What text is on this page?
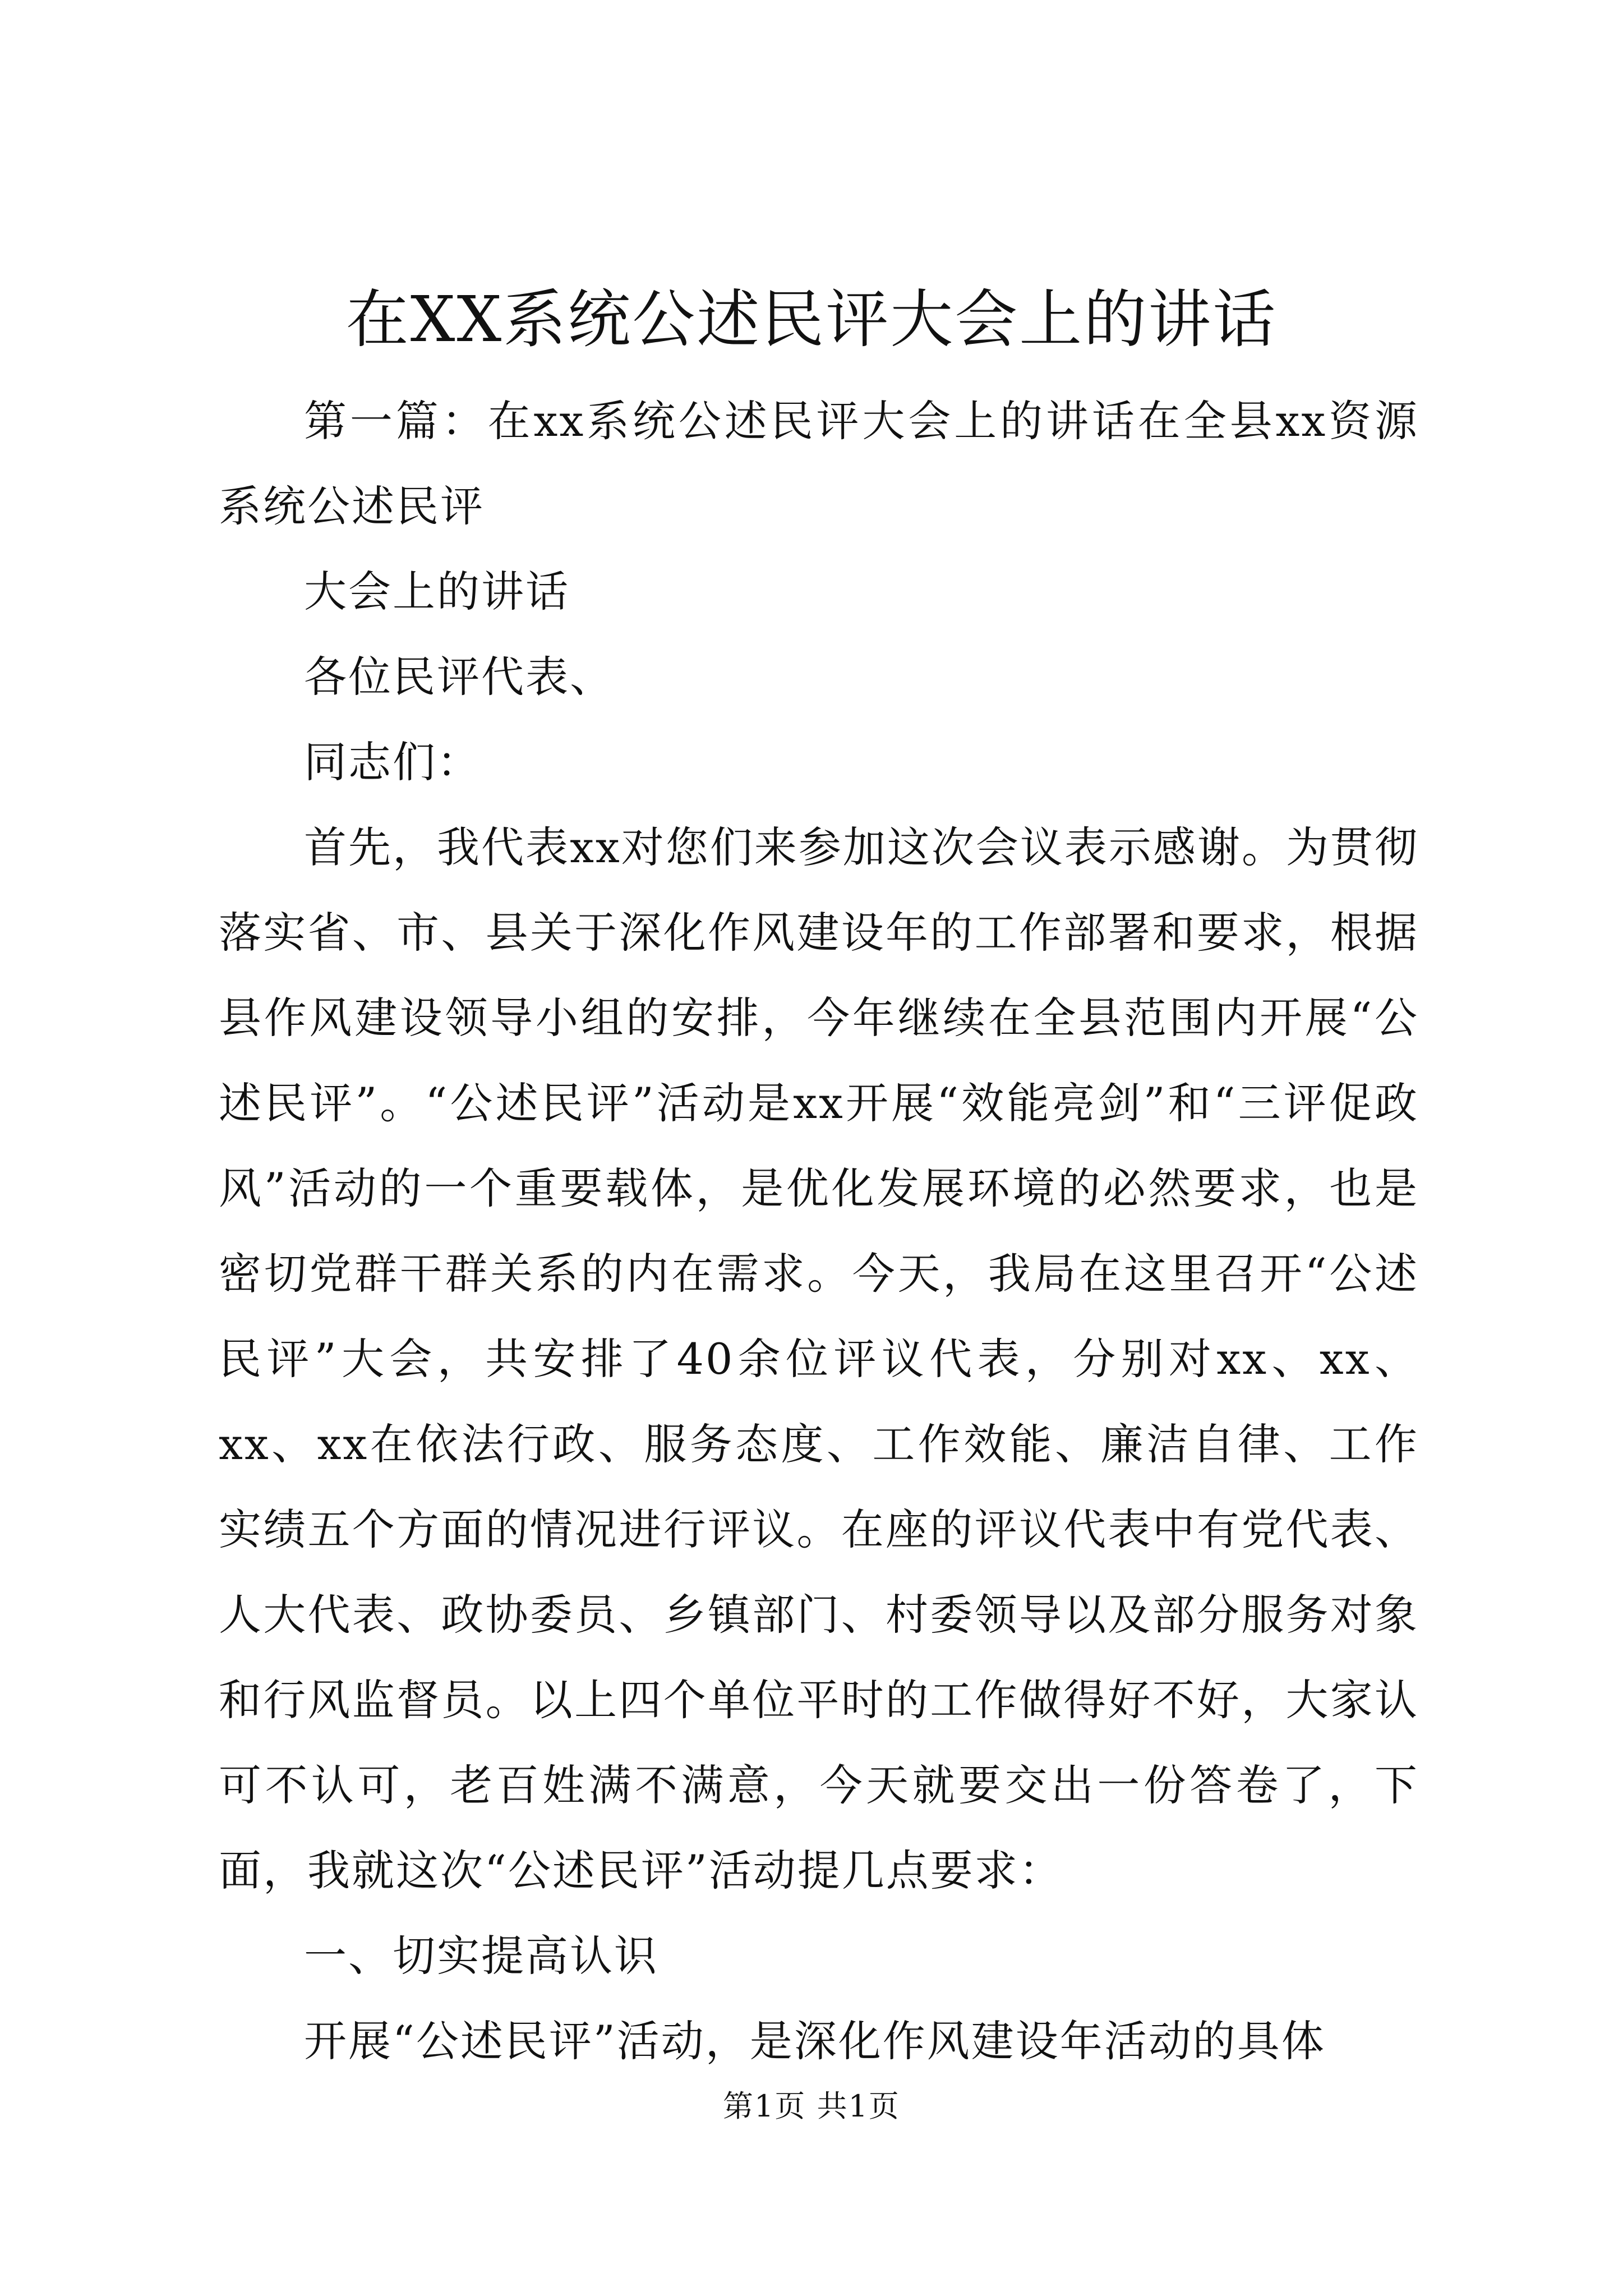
在XX系统公述民评大会上的讲话

第一篇：在xx系统公述民评大会上的讲话在全县xx资源系统公述民评

大会上的讲话

各位民评代表、

同志们：

首先，我代表xx对您们来参加这次会议表示感谢。为贯彻落实省、市、县关于深化作风建设年的工作部署和要求，根据县作风建设领导小组的安排，今年继续在全县范围内开展“公述民评”。“公述民评”活动是xx开展“效能亮剑”和“三评促政风”活动的一个重要载体，是优化发展环境的必然要求，也是密切党群干群关系的内在需求。今天，我局在这里召开“公述民评”大会，共安排了40余位评议代表，分别对xx、xx、xx、xx在依法行政、服务态度、工作效能、廉洁自律、工作实绩五个方面的情况进行评议。在座的评议代表中有党代表、人大代表、政协委员、乡镇部门、村委领导以及部分服务对象和行风监督员。以上四个单位平时的工作做得好不好，大家认可不认可，老百姓满不满意，今天就要交出一份答卷了，下面，我就这次“公述民评”活动提几点要求：

一、切实提高认识

开展“公述民评”活动，是深化作风建设年活动的具体

第1页 共1页
